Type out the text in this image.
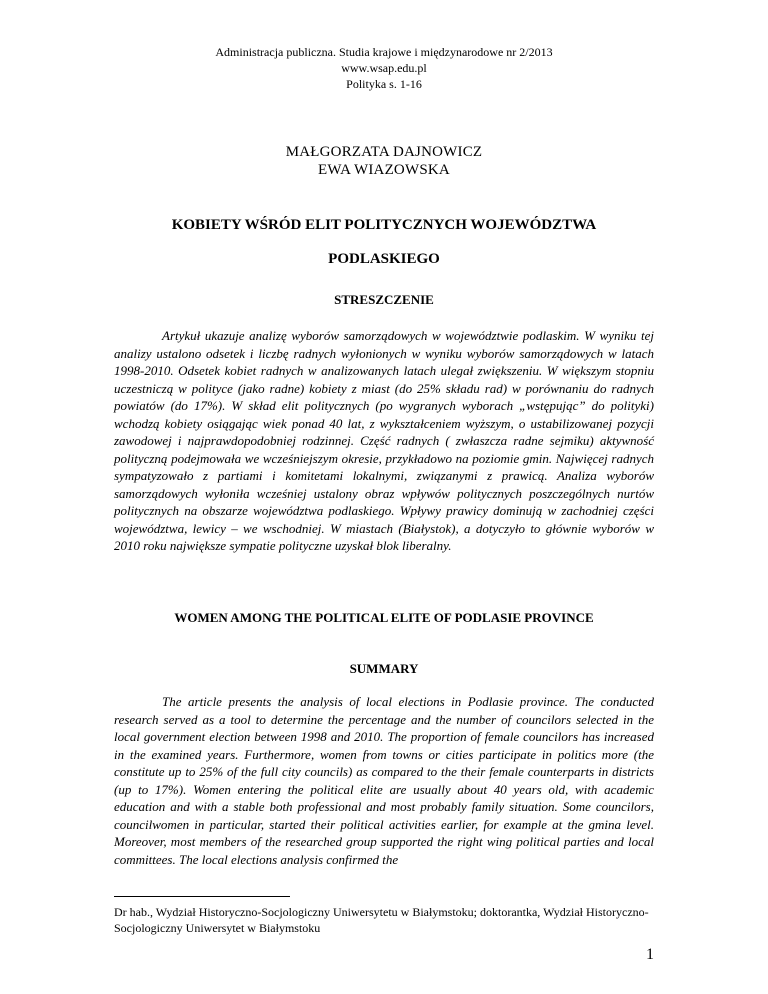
Administracja publiczna. Studia krajowe i międzynarodowe nr 2/2013
www.wsap.edu.pl
Polityka s. 1-16
MAŁGORZATA DAJNOWICZ
EWA WIAZOWSKA
KOBIETY WŚRÓD ELIT POLITYCZNYCH WOJEWÓDZTWA
PODLASKIEGO
STRESZCZENIE

Artykuł ukazuje analizę wyborów samorządowych w województwie podlaskim. W wyniku tej analizy ustalono odsetek i liczbę radnych wyłonionych w wyniku wyborów samorządowych w latach 1998-2010. Odsetek kobiet radnych w analizowanych latach ulegał zwiększeniu. W większym stopniu uczestniczą w polityce (jako radne) kobiety z miast (do 25% składu rad) w porównaniu do radnych powiatów (do 17%). W skład elit politycznych (po wygranych wyborach „wstępując” do polityki) wchodzą kobiety osiągając wiek ponad 40 lat, z wykształceniem wyższym, o ustabilizowanej pozycji zawodowej i najprawdopodobniej rodzinnej. Część radnych ( zwłaszcza radne sejmiku) aktywność polityczną podejmowała we wcześniejszym okresie, przykładowo na poziomie gmin. Najwięcej radnych sympatyzowało z partiami i komitetami lokalnymi, związanymi z prawicą. Analiza wyborów samorządowych wyłoniła wcześniej ustalony obraz wpływów politycznych poszczególnych nurtów politycznych na obszarze województwa podlaskiego. Wpływy prawicy dominują w zachodniej części województwa, lewicy – we wschodniej. W miastach (Białystok), a dotyczyło to głównie wyborów w 2010 roku największe sympatie polityczne uzyskał blok liberalny.

WOMEN AMONG THE POLITICAL ELITE OF PODLASIE PROVINCE
SUMMARY

The article presents the analysis of local elections in Podlasie province. The conducted research served as a tool to determine the percentage and the number of councilors selected in the local government election between 1998 and 2010. The proportion of female councilors has increased in the examined years. Furthermore, women from towns or cities participate in politics more (the constitute up to 25% of the full city councils) as compared to the their female counterparts in districts (up to 17%). Women entering the political elite are usually about 40 years old, with academic education and with a stable both professional and most probably family situation. Some councilors, councilwomen in particular, started their political activities earlier, for example at the gmina level. Moreover, most members of the researched group supported the right wing political parties and local committees. The local elections analysis confirmed the

Dr hab., Wydział Historyczno-Socjologiczny Uniwersytetu w Białymstoku; doktorantka, Wydział Historyczno-Socjologiczny Uniwersytet w Białymstoku
1
